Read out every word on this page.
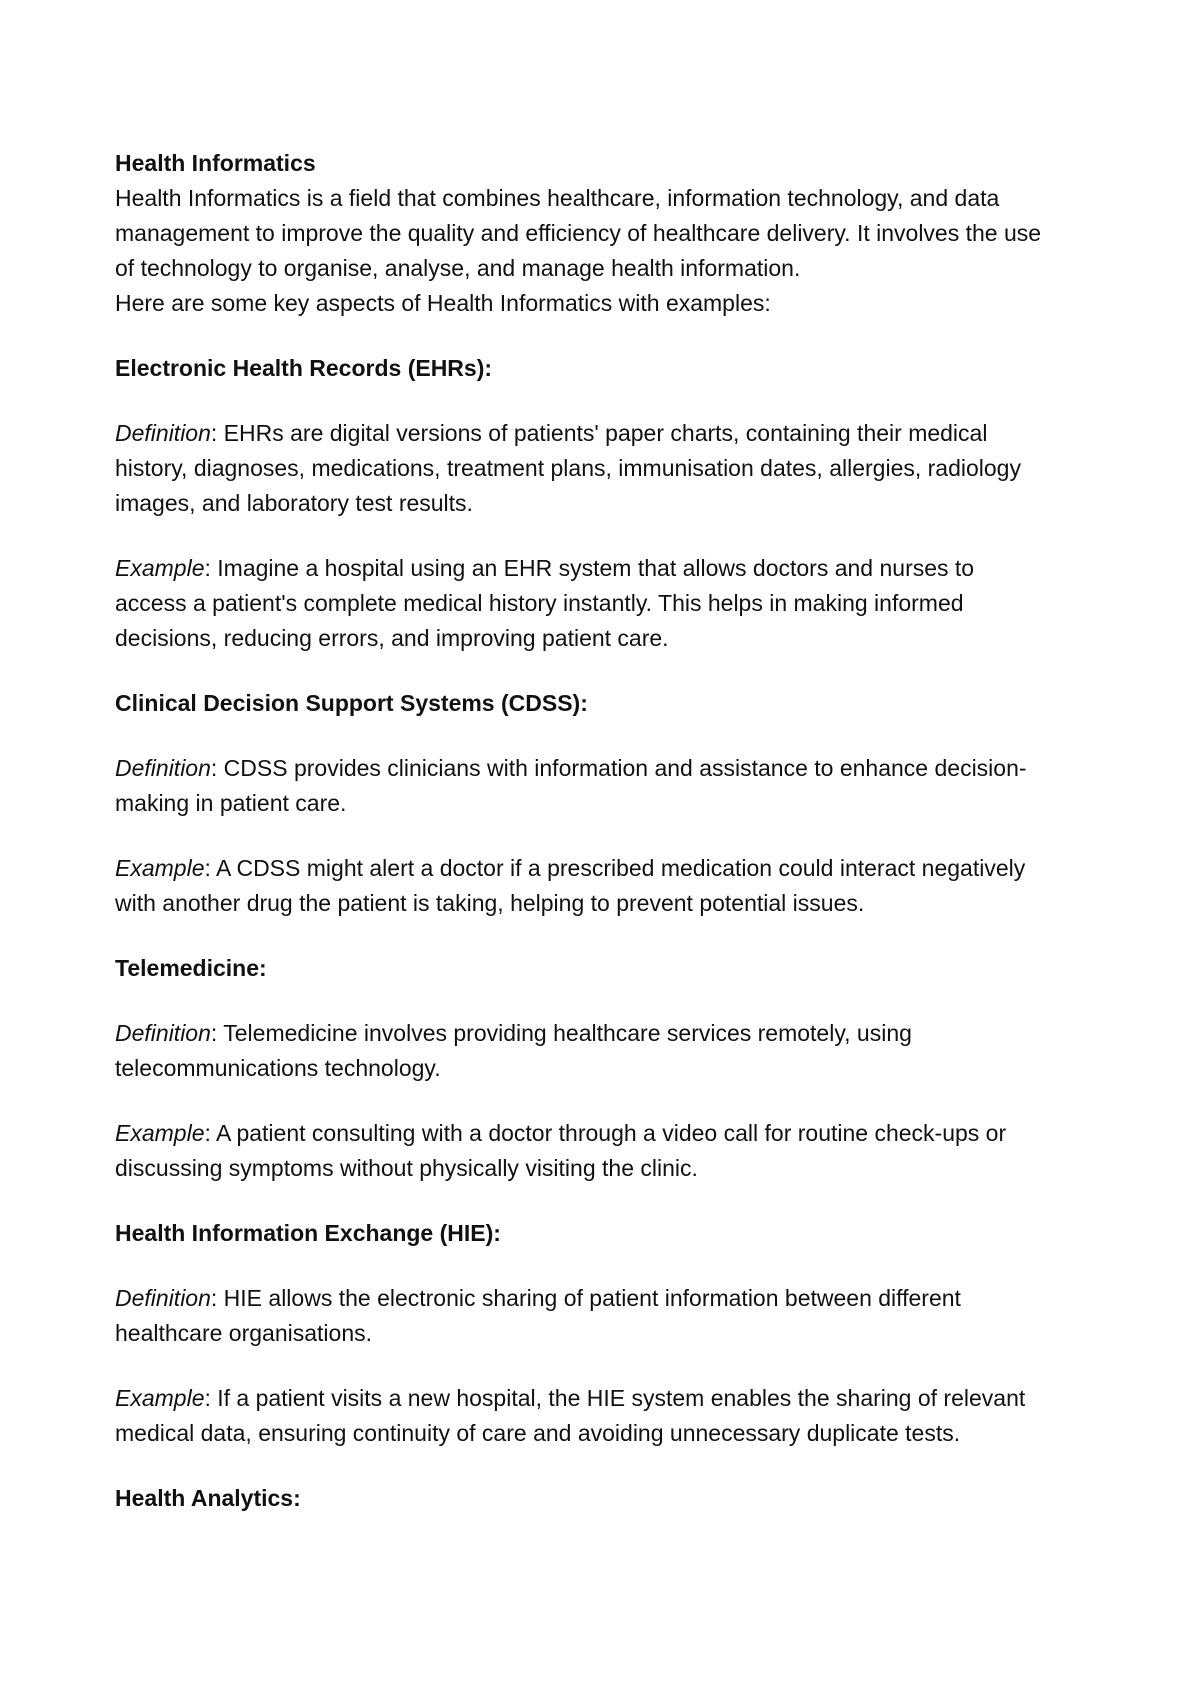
Health Informatics

Health Informatics is a field that combines healthcare, information technology, and data

management to improve the quality and efficiency of healthcare delivery. It involves the use

of technology to organise, analyse, and manage health information.

Here are some key aspects of Health Informatics with examples:

Electronic Health Records (EHRs):

Definition: EHRs are digital versions of patients' paper charts, containing their medical

history, diagnoses, medications, treatment plans, immunisation dates, allergies, radiology

images, and laboratory test results.

Example: Imagine a hospital using an EHR system that allows doctors and nurses to

access a patient's complete medical history instantly. This helps in making informed

decisions, reducing errors, and improving patient care.

Clinical Decision Support Systems (CDSS):

Definition: CDSS provides clinicians with information and assistance to enhance decision-

making in patient care.

Example: A CDSS might alert a doctor if a prescribed medication could interact negatively

with another drug the patient is taking, helping to prevent potential issues.

Telemedicine:

Definition: Telemedicine involves providing healthcare services remotely, using

telecommunications technology.

Example: A patient consulting with a doctor through a video call for routine check-ups or

discussing symptoms without physically visiting the clinic.

Health Information Exchange (HIE):

Definition: HIE allows the electronic sharing of patient information between different

healthcare organisations.

Example: If a patient visits a new hospital, the HIE system enables the sharing of relevant

medical data, ensuring continuity of care and avoiding unnecessary duplicate tests.

Health Analytics:
